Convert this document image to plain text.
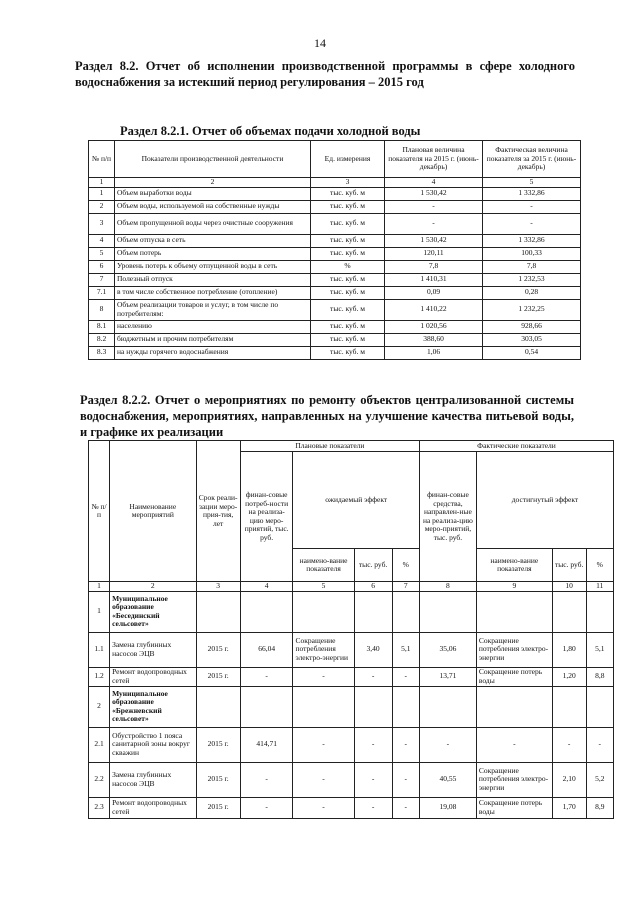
14
Раздел 8.2. Отчет об исполнении производственной программы в сфере холодного водоснабжения за истекший период регулирования – 2015 год
Раздел 8.2.1. Отчет об объемах подачи холодной воды
№ п/п	Показатели производственной деятельности	Ед. измерения	Плановая величина показателя на 2015 г. (июнь-декабрь)	Фактическая величина показателя за 2015 г. (июнь-декабрь)
1	2	3	4	5
1	Объем выработки воды	тыс. куб. м	1 530,42	1 332,86
2	Объем воды, используемой на собственные нужды	тыс. куб. м	-	-
3	Объем пропущенной воды через очистные сооружения	тыс. куб. м	-	-
4	Объем отпуска в сеть	тыс. куб. м	1 530,42	1 332,86
5	Объем потерь	тыс. куб. м	120,11	100,33
6	Уровень потерь к объему отпущенной воды в сеть	%	7,8	7,8
7	Полезный отпуск	тыс. куб. м	1 410,31	1 232,53
7.1	в том числе собственное потребление (отопление)	тыс. куб. м	0,09	0,28
8	Объем реализации товаров и услуг, в том числе по потребителям:	тыс. куб. м	1 410,22	1 232,25
8.1	населению	тыс. куб. м	1 020,56	928,66
8.2	бюджетным и прочим потребителям	тыс. куб. м	388,60	303,05
8.3	на нужды горячего водоснабжения	тыс. куб. м	1,06	0,54
Раздел 8.2.2. Отчет о мероприятиях по ремонту объектов централизованной системы водоснабжения, мероприятиях, направленных на улучшение качества питьевой воды, и графике их реализации
№ п/п	Наименование мероприятий	Срок реали-зации меро-прия-тия, лет	Плановые показатели				Фактические показатели			
			финан-совые потреб-ности на реализа-цию меро-приятий, тыс. руб.	ожидаемый эффект			финан-совые средства, направлен-ные на реализа-цию меро-приятий, тыс. руб.	достигнутый эффект		
				наимено-вание показателя	тыс. руб.	%		наимено-вание показателя	тыс. руб.	%
1	2	3	4	5	6	7	8	9	10	11
1	Муниципальное образование «Бесединский сельсовет»									
1.1	Замена глубинных насосов ЭЦВ	2015 г.	66,04	Сокращение потребления электро-энергии	3,40	5,1	35,06	Сокращение потребления электро-энергии	1,80	5,1
1.2	Ремонт водопроводных сетей	2015 г.	-	-	-	-	13,71	Сокращение потерь воды	1,20	8,8
2	Муниципальное образование «Брежневский сельсовет»									
2.1	Обустройство 1 пояса санитарной зоны вокруг скважин	2015 г.	414,71	-	-	-	-	-	-	-
2.2	Замена глубинных насосов ЭЦВ	2015 г.	-	-	-	-	40,55	Сокращение потребления электро-энергии	2,10	5,2
2.3	Ремонт водопроводных сетей	2015 г.	-	-	-	-	19,08	Сокращение потерь воды	1,70	8,9
